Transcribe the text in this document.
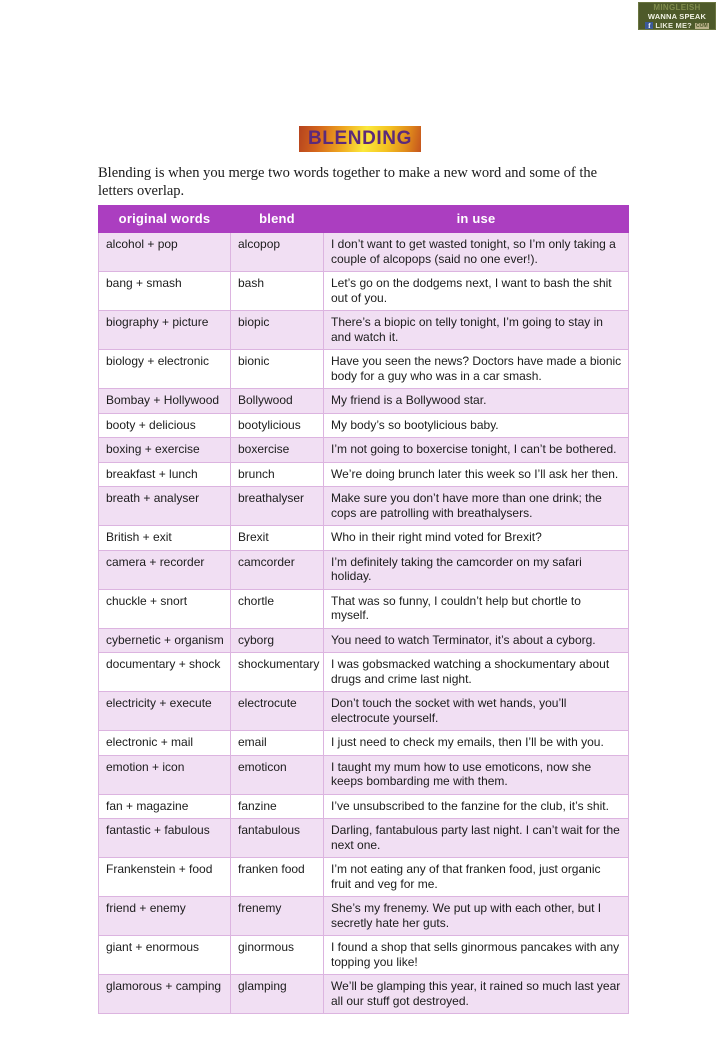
MINGLEISH
WANNA SPEAK
f LIKE ME? COM
BLENDING
Blending is when you merge two words together to make a new word and some of the letters overlap.
original words	blend	in use
alcohol + pop	alcopop	I don’t want to get wasted tonight, so I’m only taking a couple of alcopops (said no one ever!).
bang + smash	bash	Let’s go on the dodgems next, I want to bash the shit out of you.
biography + picture	biopic	There’s a biopic on telly tonight, I’m going to stay in and watch it.
biology + electronic	bionic	Have you seen the news? Doctors have made a bionic body for a guy who was in a car smash.
Bombay + Hollywood	Bollywood	My friend is a Bollywood star.
booty + delicious	bootylicious	My body’s so bootylicious baby.
boxing + exercise	boxercise	I’m not going to boxercise tonight, I can’t be bothered.
breakfast + lunch	brunch	We’re doing brunch later this week so I’ll ask her then.
breath + analyser	breathalyser	Make sure you don’t have more than one drink; the cops are patrolling with breathalysers.
British + exit	Brexit	Who in their right mind voted for Brexit?
camera + recorder	camcorder	I’m definitely taking the camcorder on my safari holiday.
chuckle + snort	chortle	That was so funny, I couldn’t help but chortle to myself.
cybernetic + organism	cyborg	You need to watch Terminator, it’s about a cyborg.
documentary + shock	shockumentary	I was gobsmacked watching a shockumentary about drugs and crime last night.
electricity + execute	electrocute	Don’t touch the socket with wet hands, you’ll electrocute yourself.
electronic + mail	email	I just need to check my emails, then I’ll be with you.
emotion + icon	emoticon	I taught my mum how to use emoticons, now she keeps bombarding me with them.
fan + magazine	fanzine	I’ve unsubscribed to the fanzine for the club, it’s shit.
fantastic + fabulous	fantabulous	Darling, fantabulous party last night. I can’t wait for the next one.
Frankenstein + food	franken food	I’m not eating any of that franken food, just organic fruit and veg for me.
friend + enemy	frenemy	She’s my frenemy. We put up with each other, but I secretly hate her guts.
giant + enormous	ginormous	I found a shop that sells ginormous pancakes with any topping you like!
glamorous + camping	glamping	We’ll be glamping this year, it rained so much last year all our stuff got destroyed.
